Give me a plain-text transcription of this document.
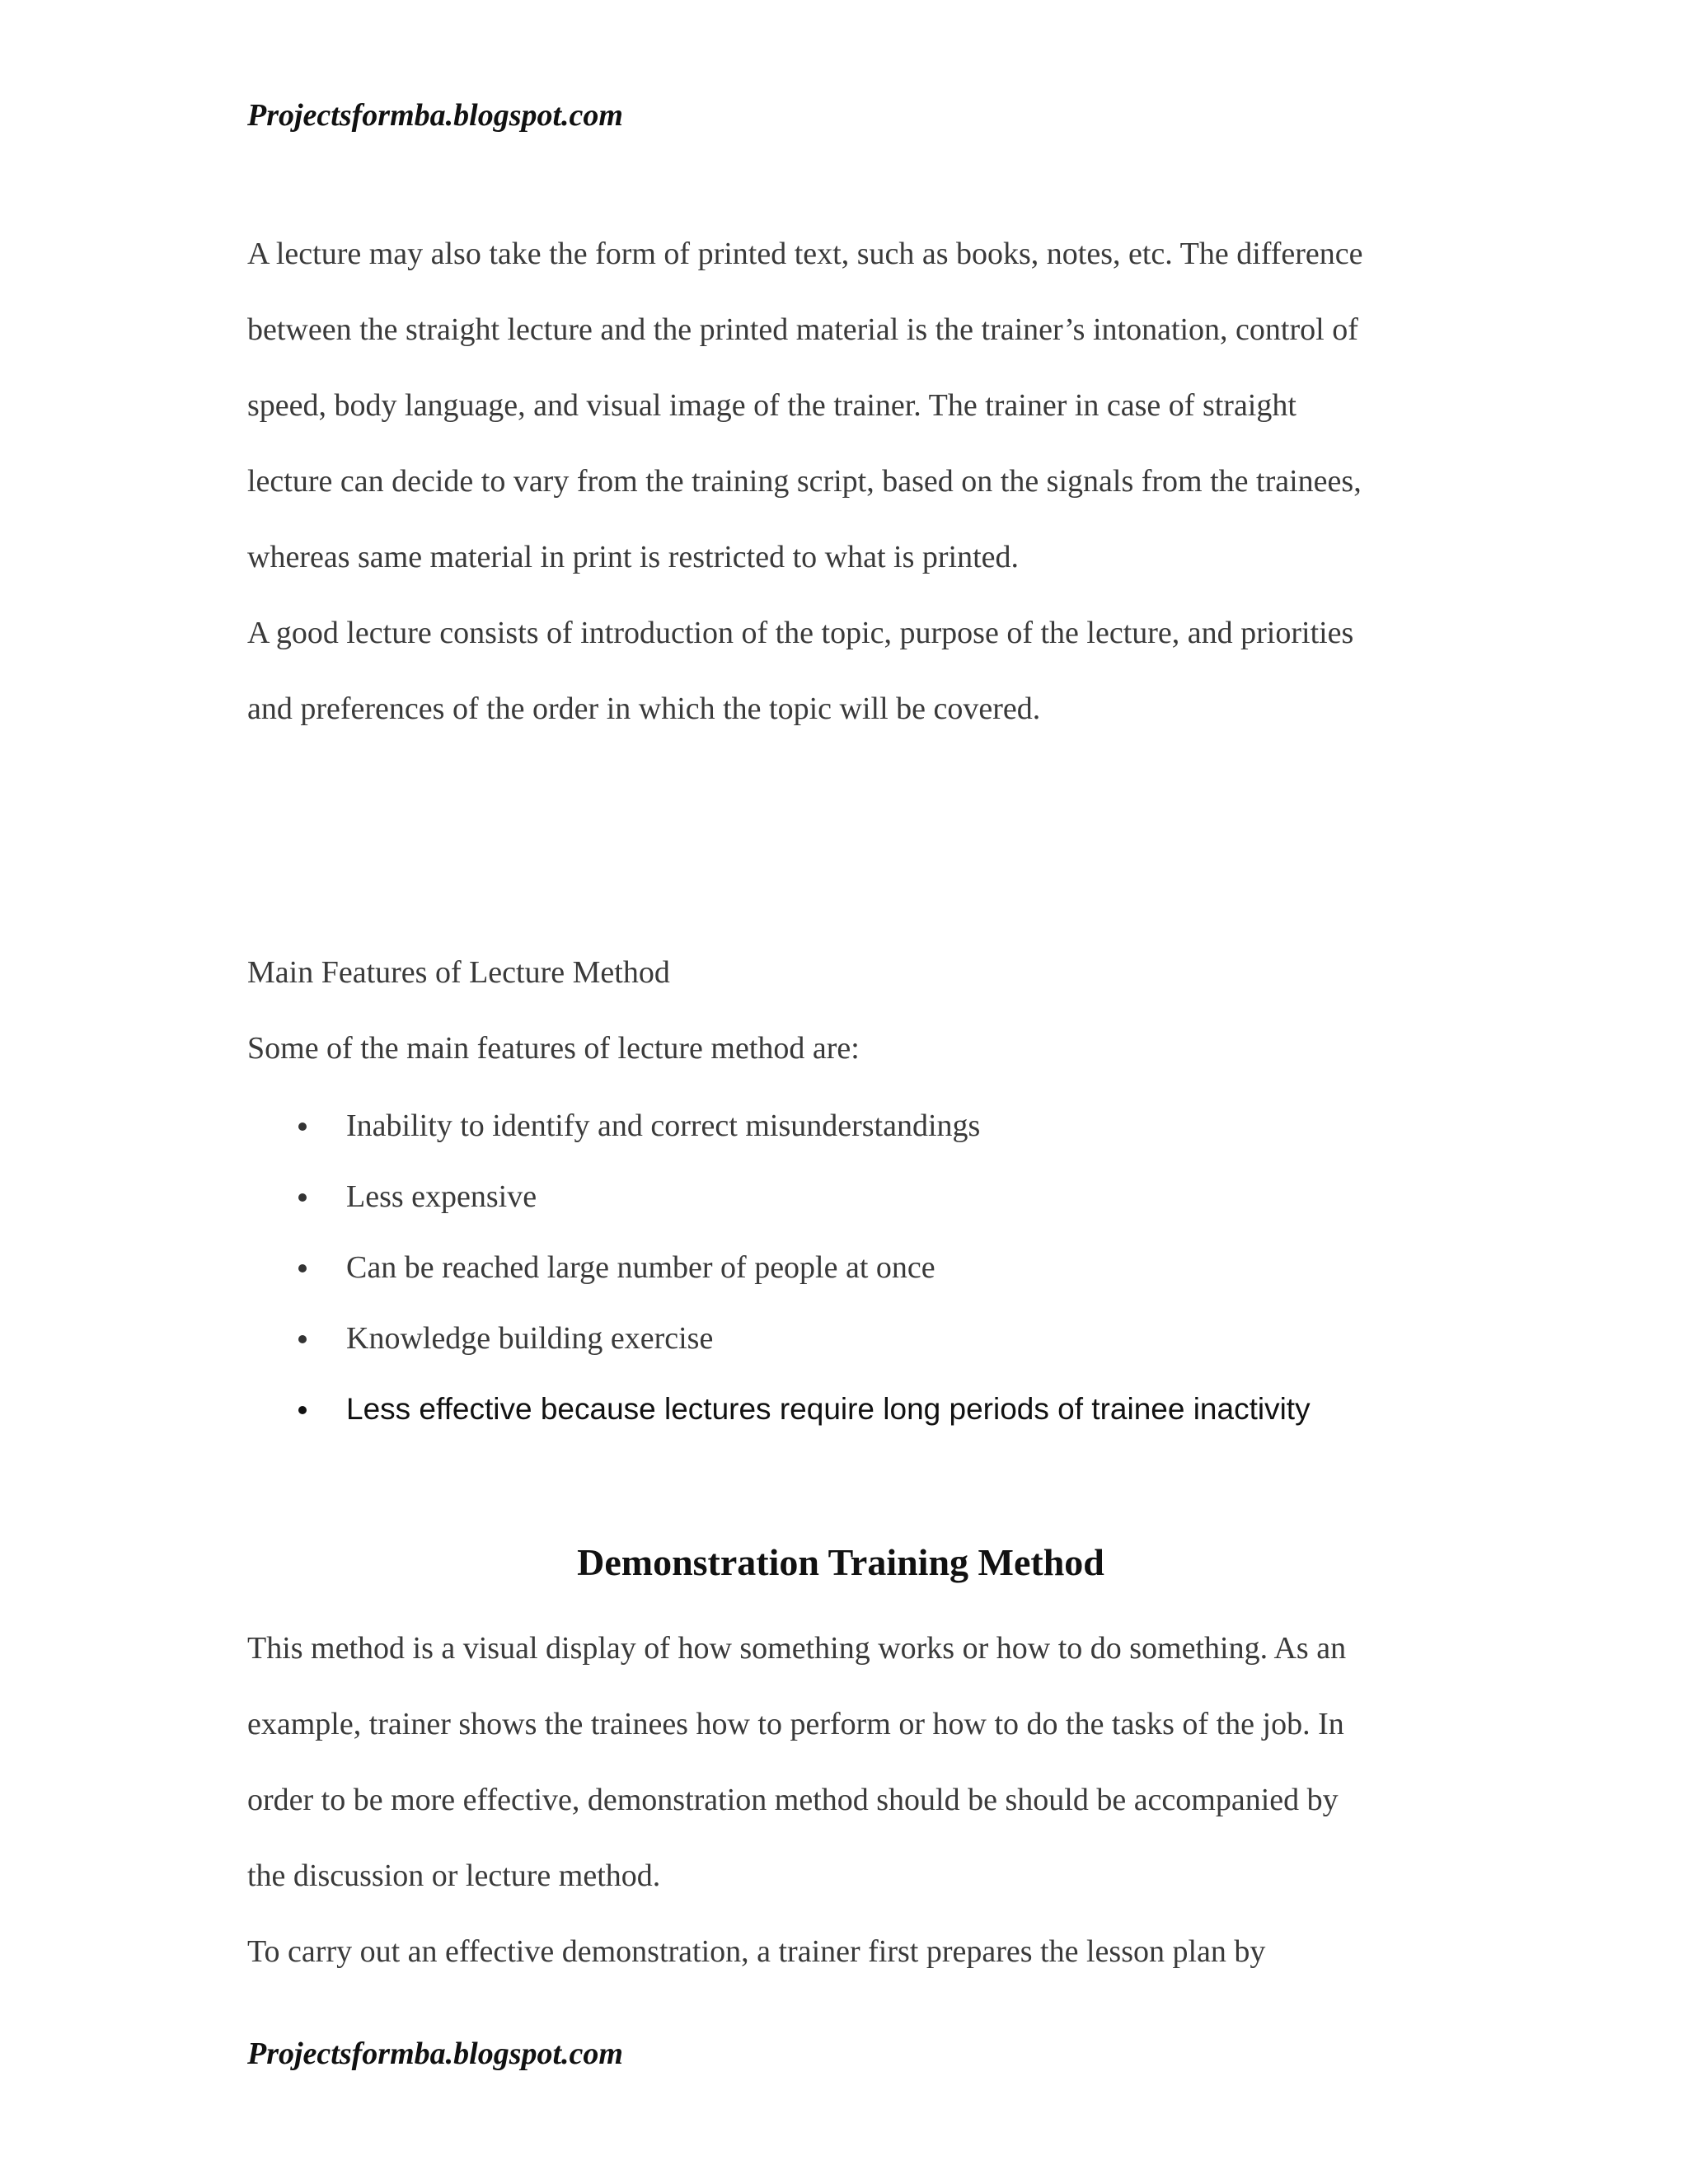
Projectsformba.blogspot.com
A lecture may also take the form of printed text, such as books, notes, etc. The difference
between the straight lecture and the printed material is the trainer’s intonation, control of
speed, body language, and visual image of the trainer. The trainer in case of straight
lecture can decide to vary from the training script, based on the signals from the trainees,
whereas same material in print is restricted to what is printed.
A good lecture consists of introduction of the topic, purpose of the lecture, and priorities
and preferences of the order in which the topic will be covered.
Main Features of Lecture Method
Some of the main features of lecture method are:
Inability to identify and correct misunderstandings
Less expensive
Can be reached large number of people at once
Knowledge building exercise
Less effective because lectures require long periods of trainee inactivity
Demonstration Training Method
This method is a visual display of how something works or how to do something. As an
example, trainer shows the trainees how to perform or how to do the tasks of the job. In
order to be more effective, demonstration method should be should be accompanied by
the discussion or lecture method.
To carry out an effective demonstration, a trainer first prepares the lesson plan by
Projectsformba.blogspot.com
